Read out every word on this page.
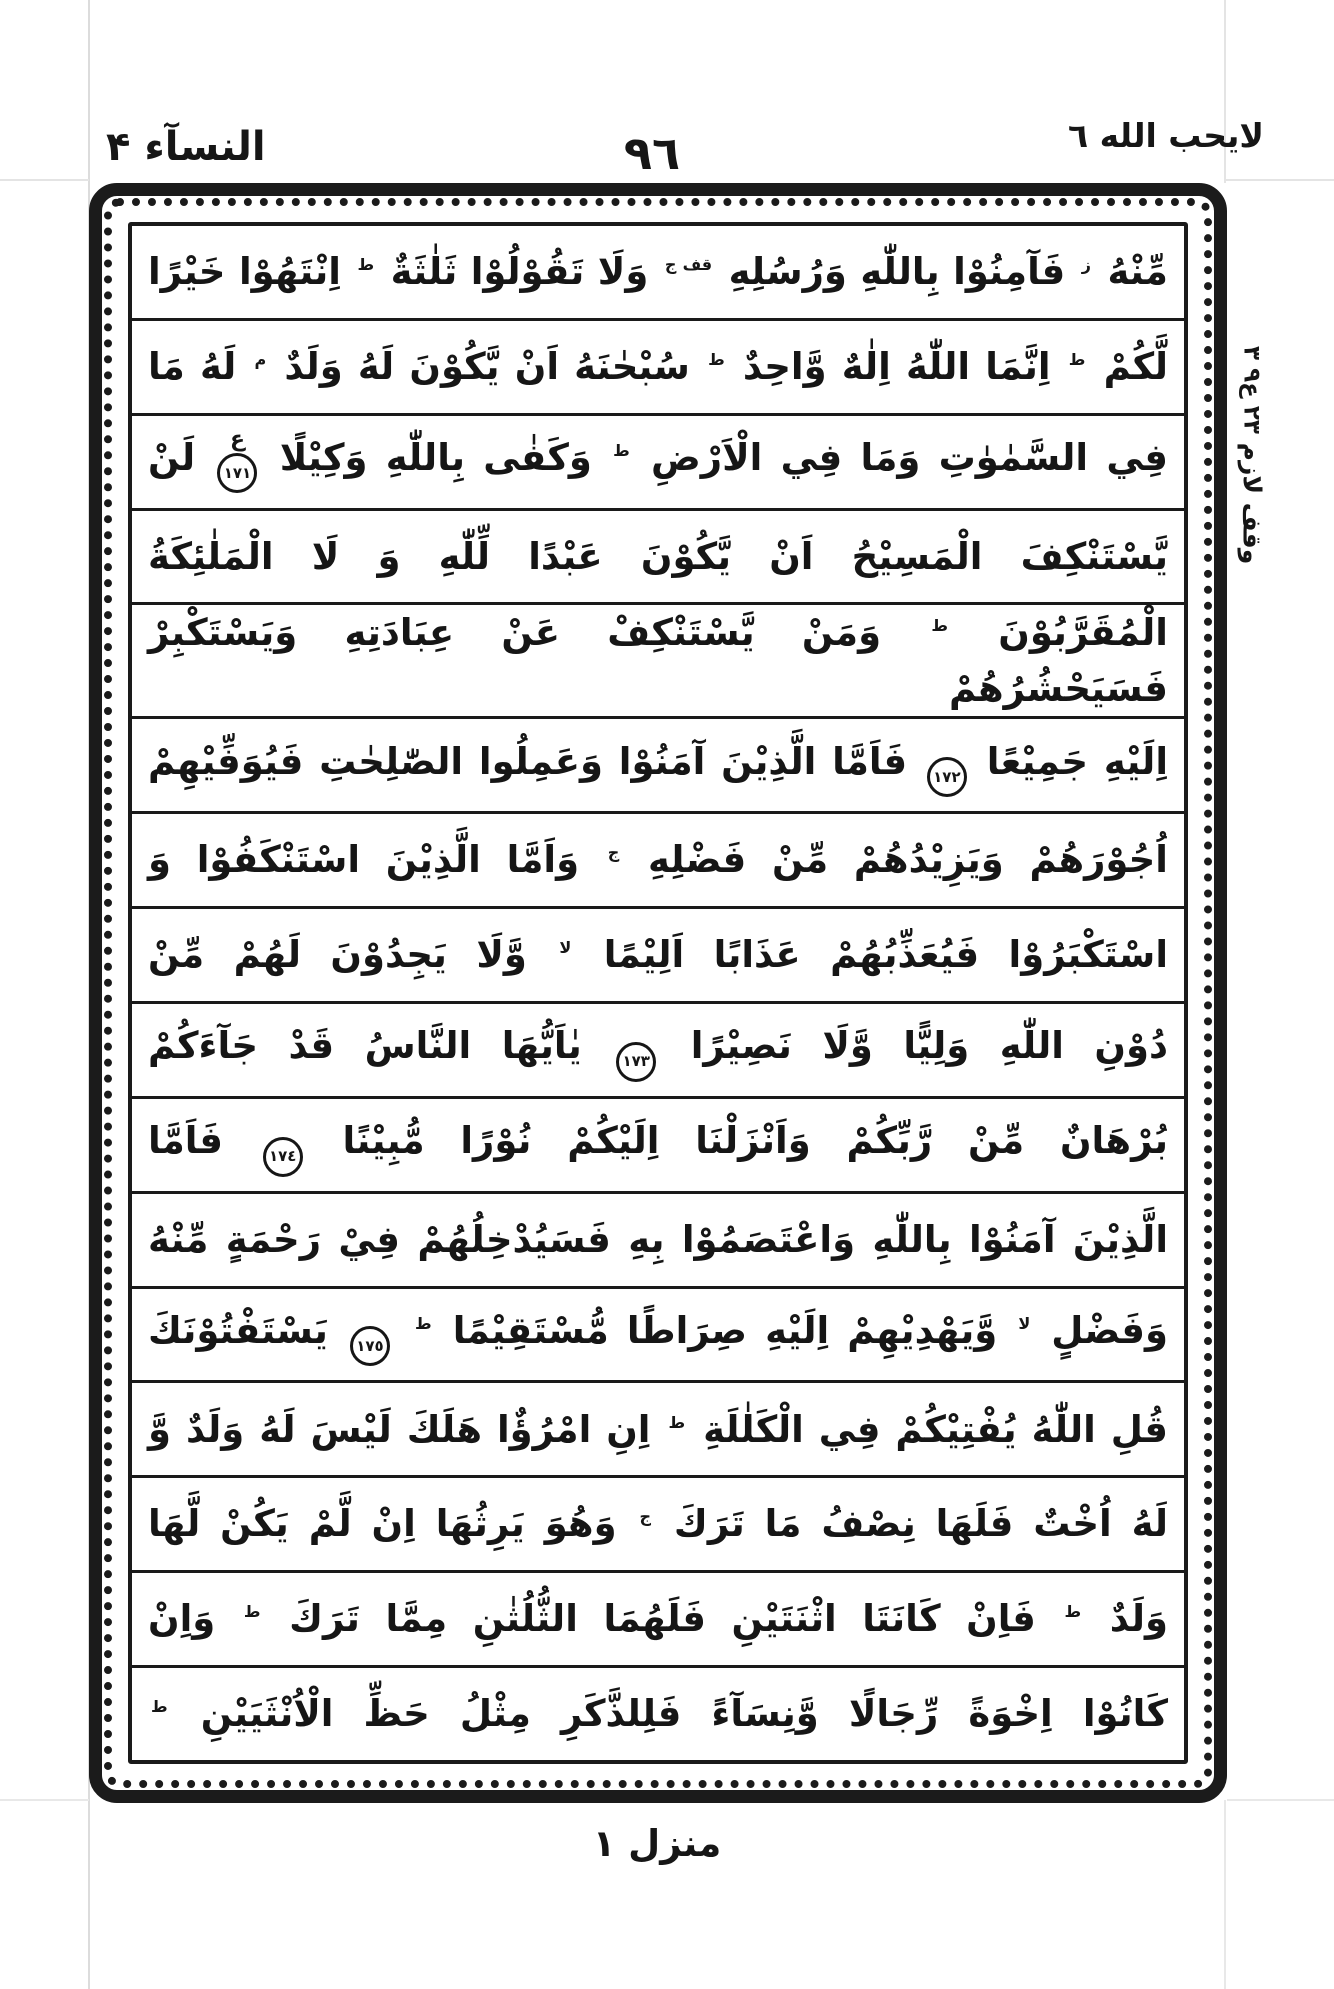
النسآء ۴	٩٦	لايحب الله ٦
مِّنْهُ $^ز$ فَآمِنُوْا بِاللّٰهِ وَرُسُلِهِ $^{قف ج}$ وَلَا تَقُوْلُوْا ثَلٰثَةٌ $^ط$ اِنْتَهُوْا خَيْرًا
لَّكُمْ $^ط$ اِنَّمَا اللّٰهُ اِلٰهٌ وَّاحِدٌ $^ط$ سُبْحٰنَهُ اَنْ يَّكُوْنَ لَهُ وَلَدٌ $^م$ لَهُ مَا
فِي السَّمٰوٰتِ وَمَا فِي الْاَرْضِ $^ط$ وَكَفٰى بِاللّٰهِ وَكِيْلًا ١٧١
ع
لَنْ
يَّسْتَنْكِفَ الْمَسِيْحُ اَنْ يَّكُوْنَ عَبْدًا لِّلّٰهِ وَ لَا الْمَلٰئِكَةُ
الْمُقَرَّبُوْنَ $^ط$ وَمَنْ يَّسْتَنْكِفْ عَنْ عِبَادَتِهِ وَيَسْتَكْبِرْ فَسَيَحْشُرُهُمْ
اِلَيْهِ جَمِيْعًا ١٧٢ فَاَمَّا الَّذِيْنَ آمَنُوْا وَعَمِلُوا الصّٰلِحٰتِ فَيُوَفِّيْهِمْ
اُجُوْرَهُمْ وَيَزِيْدُهُمْ مِّنْ فَضْلِهِ $^ج$ وَاَمَّا الَّذِيْنَ اسْتَنْكَفُوْا وَ
اسْتَكْبَرُوْا فَيُعَذِّبُهُمْ عَذَابًا اَلِيْمًا $^{لا}$ وَّلَا يَجِدُوْنَ لَهُمْ مِّنْ
دُوْنِ اللّٰهِ وَلِيًّا وَّلَا نَصِيْرًا ١٧٣ يٰاَيُّهَا النَّاسُ قَدْ جَآءَكُمْ
بُرْهَانٌ مِّنْ رَّبِّكُمْ وَاَنْزَلْنَا اِلَيْكُمْ نُوْرًا مُّبِيْنًا ١٧٤ فَاَمَّا
الَّذِيْنَ آمَنُوْا بِاللّٰهِ وَاعْتَصَمُوْا بِهِ فَسَيُدْخِلُهُمْ فِيْ رَحْمَةٍ مِّنْهُ
وَفَضْلٍ $^{لا}$ وَّيَهْدِيْهِمْ اِلَيْهِ صِرَاطًا مُّسْتَقِيْمًا $^ط$ ١٧٥ يَسْتَفْتُوْنَكَ
قُلِ اللّٰهُ يُفْتِيْكُمْ فِي الْكَلٰلَةِ $^ط$ اِنِ امْرُؤٌا هَلَكَ لَيْسَ لَهُ وَلَدٌ وَّ
لَهُ اُخْتٌ فَلَهَا نِصْفُ مَا تَرَكَ $^ج$ وَهُوَ يَرِثُهَا اِنْ لَّمْ يَكُنْ لَّهَا
وَلَدٌ $^ط$ فَاِنْ كَانَتَا اثْنَتَيْنِ فَلَهُمَا الثُّلُثٰنِ مِمَّا تَرَكَ $^ط$ وَاِنْ
كَانُوْا اِخْوَةً رِّجَالًا وَّنِسَآءً فَلِلذَّكَرِ مِثْلُ حَظِّ الْاُنْثَيَيْنِ $^ط$
وقف لازم ٢٣ ع٩ ٣
منزل ١
